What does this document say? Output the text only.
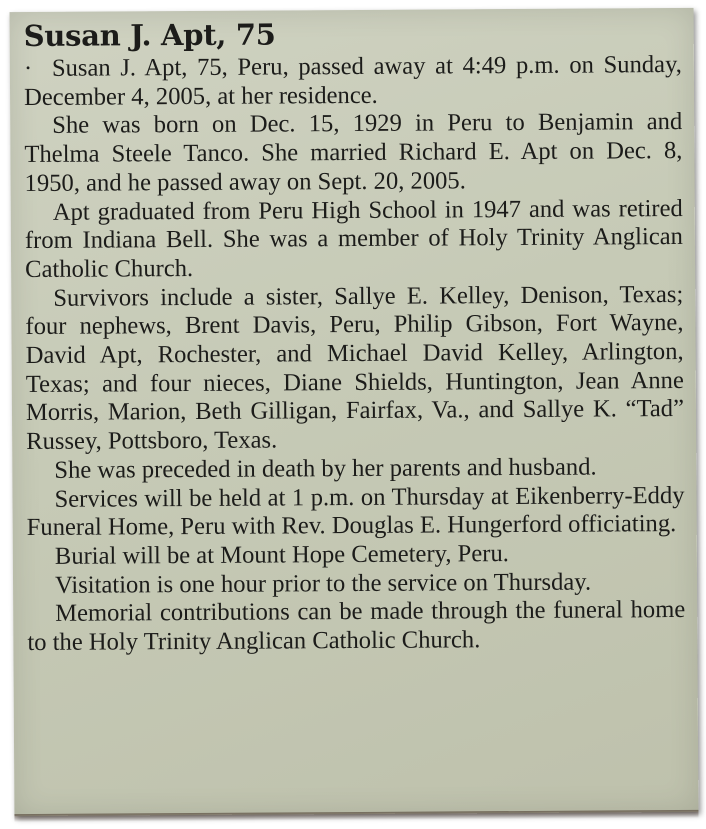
Susan J. Apt, 75

· Susan J. Apt, 75, Peru, passed away at 4:49 p.m. on Sunday, December 4, 2005, at her residence.

She was born on Dec. 15, 1929 in Peru to Benjamin and Thelma Steele Tanco. She married Richard E. Apt on Dec. 8, 1950, and he passed away on Sept. 20, 2005.

Apt graduated from Peru High School in 1947 and was retired from Indiana Bell. She was a member of Holy Trinity Anglican Catholic Church.

Survivors include a sister, Sallye E. Kelley, Denison, Texas; four nephews, Brent Davis, Peru, Philip Gibson, Fort Wayne, David Apt, Rochester, and Michael David Kelley, Arlington, Texas; and four nieces, Diane Shields, Huntington, Jean Anne Morris, Marion, Beth Gilligan, Fairfax, Va., and Sallye K. “Tad” Russey, Pottsboro, Texas.

She was preceded in death by her parents and husband.

Services will be held at 1 p.m. on Thursday at Eikenberry-Eddy Funeral Home, Peru with Rev. Douglas E. Hungerford officiating.

Burial will be at Mount Hope Cemetery, Peru.

Visitation is one hour prior to the service on Thursday.

Memorial contributions can be made through the funeral home to the Holy Trinity Anglican Catholic Church.
